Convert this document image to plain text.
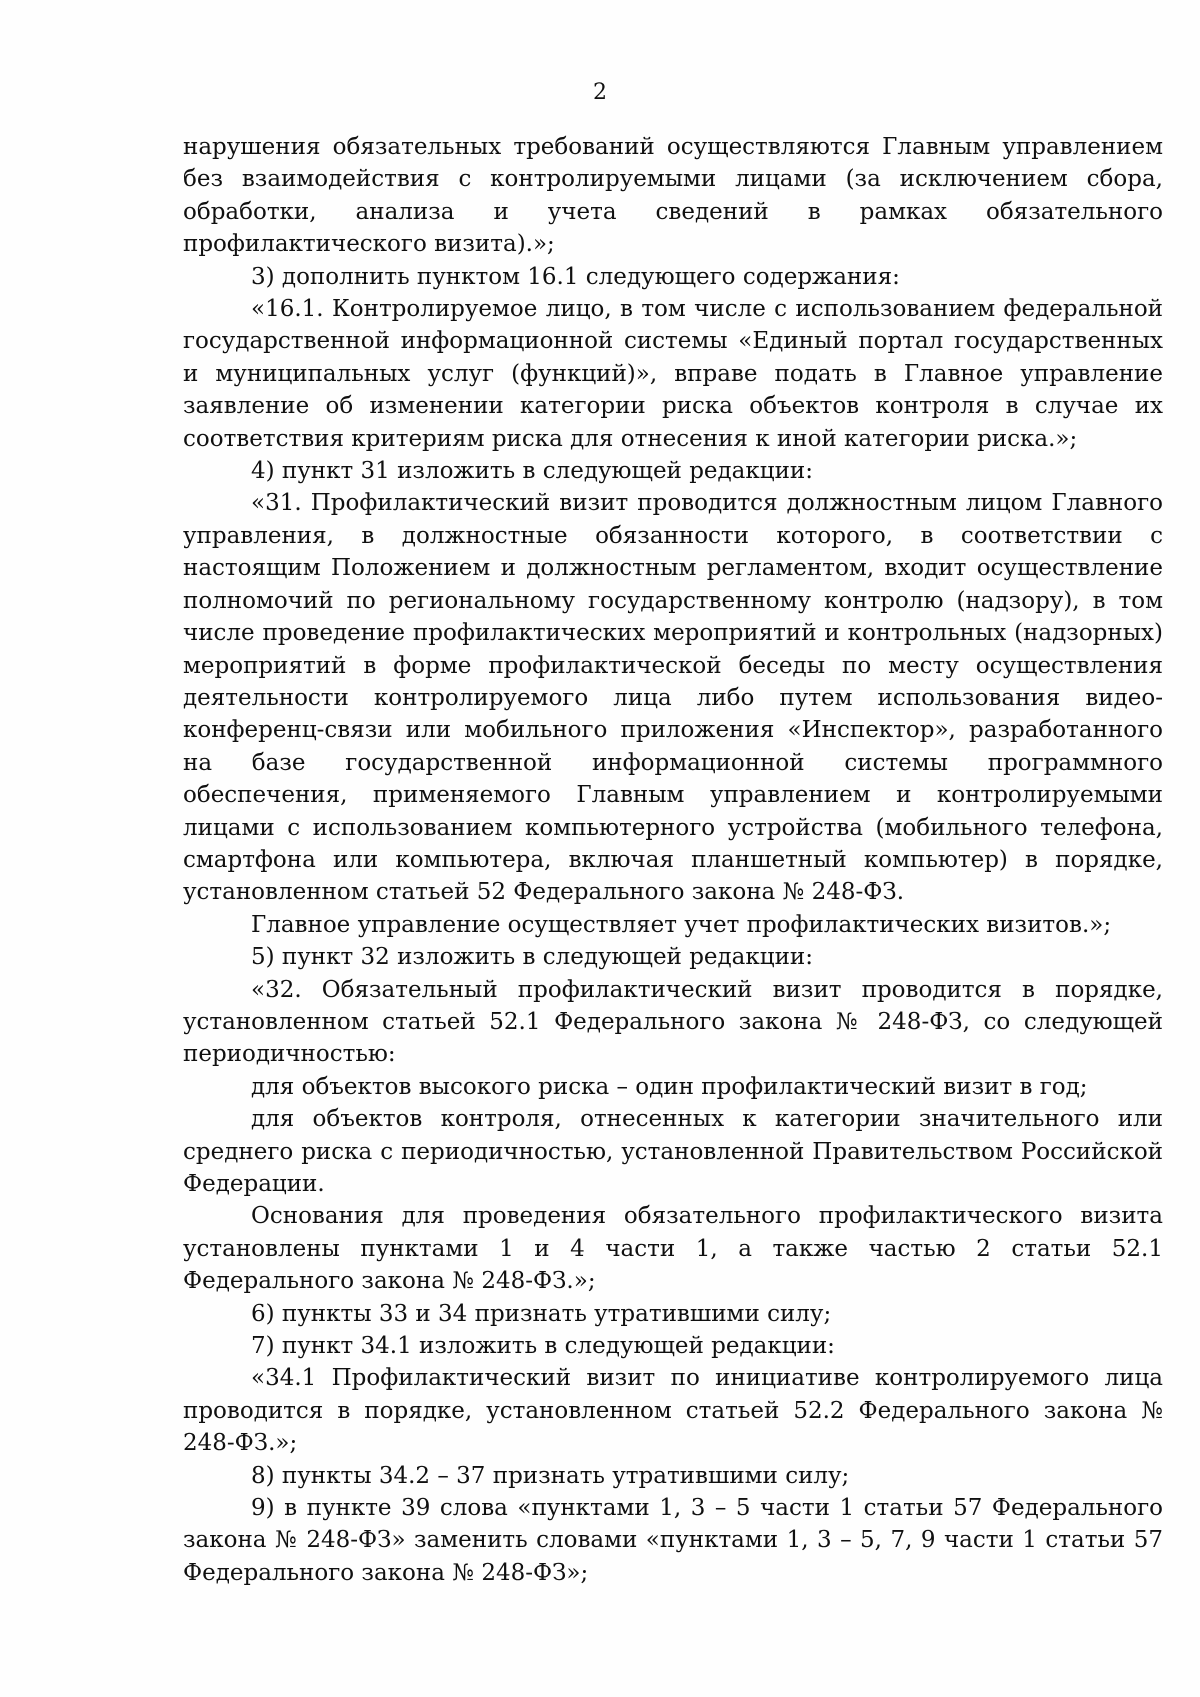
2

нарушения обязательных требований осуществляются Главным управлением без взаимодействия с контролируемыми лицами (за исключением сбора, обработки, анализа и учета сведений в рамках обязательного профилактического визита).»;

3) дополнить пунктом 16.1 следующего содержания:

«16.1. Контролируемое лицо, в том числе с использованием федеральной государственной информационной системы «Единый портал государственных и муниципальных услуг (функций)», вправе подать в Главное управление заявление об изменении категории риска объектов контроля в случае их соответствия критериям риска для отнесения к иной категории риска.»;

4) пункт 31 изложить в следующей редакции:

«31. Профилактический визит проводится должностным лицом Главного управления, в должностные обязанности которого, в соответствии с настоящим Положением и должностным регламентом, входит осуществление полномочий по региональному государственному контролю (надзору), в том числе проведение профилактических мероприятий и контрольных (надзорных) мероприятий в форме профилактической беседы по месту осуществления деятельности контролируемого лица либо путем использования видео-конференц-связи или мобильного приложения «Инспектор», разработанного на базе государственной информационной системы программного обеспечения, применяемого Главным управлением и контролируемыми лицами с использованием компьютерного устройства (мобильного телефона, смартфона или компьютера, включая планшетный компьютер) в порядке, установленном статьей 52 Федерального закона № 248-ФЗ.

Главное управление осуществляет учет профилактических визитов.»;

5) пункт 32 изложить в следующей редакции:

«32. Обязательный профилактический визит проводится в порядке, установленном статьей 52.1 Федерального закона № 248-ФЗ, со следующей периодичностью:

для объектов высокого риска – один профилактический визит в год;

для объектов контроля, отнесенных к категории значительного или среднего риска с периодичностью, установленной Правительством Российской Федерации.

Основания для проведения обязательного профилактического визита установлены пунктами 1 и 4 части 1, а также частью 2 статьи 52.1 Федерального закона № 248-ФЗ.»;

6) пункты 33 и 34 признать утратившими силу;

7) пункт 34.1 изложить в следующей редакции:

«34.1 Профилактический визит по инициативе контролируемого лица проводится в порядке, установленном статьей 52.2 Федерального закона № 248-ФЗ.»;

8) пункты 34.2 – 37 признать утратившими силу;

9) в пункте 39 слова «пунктами 1, 3 – 5 части 1 статьи 57 Федерального закона № 248-ФЗ» заменить словами «пунктами 1, 3 – 5, 7, 9 части 1 статьи 57 Федерального закона № 248-ФЗ»;
